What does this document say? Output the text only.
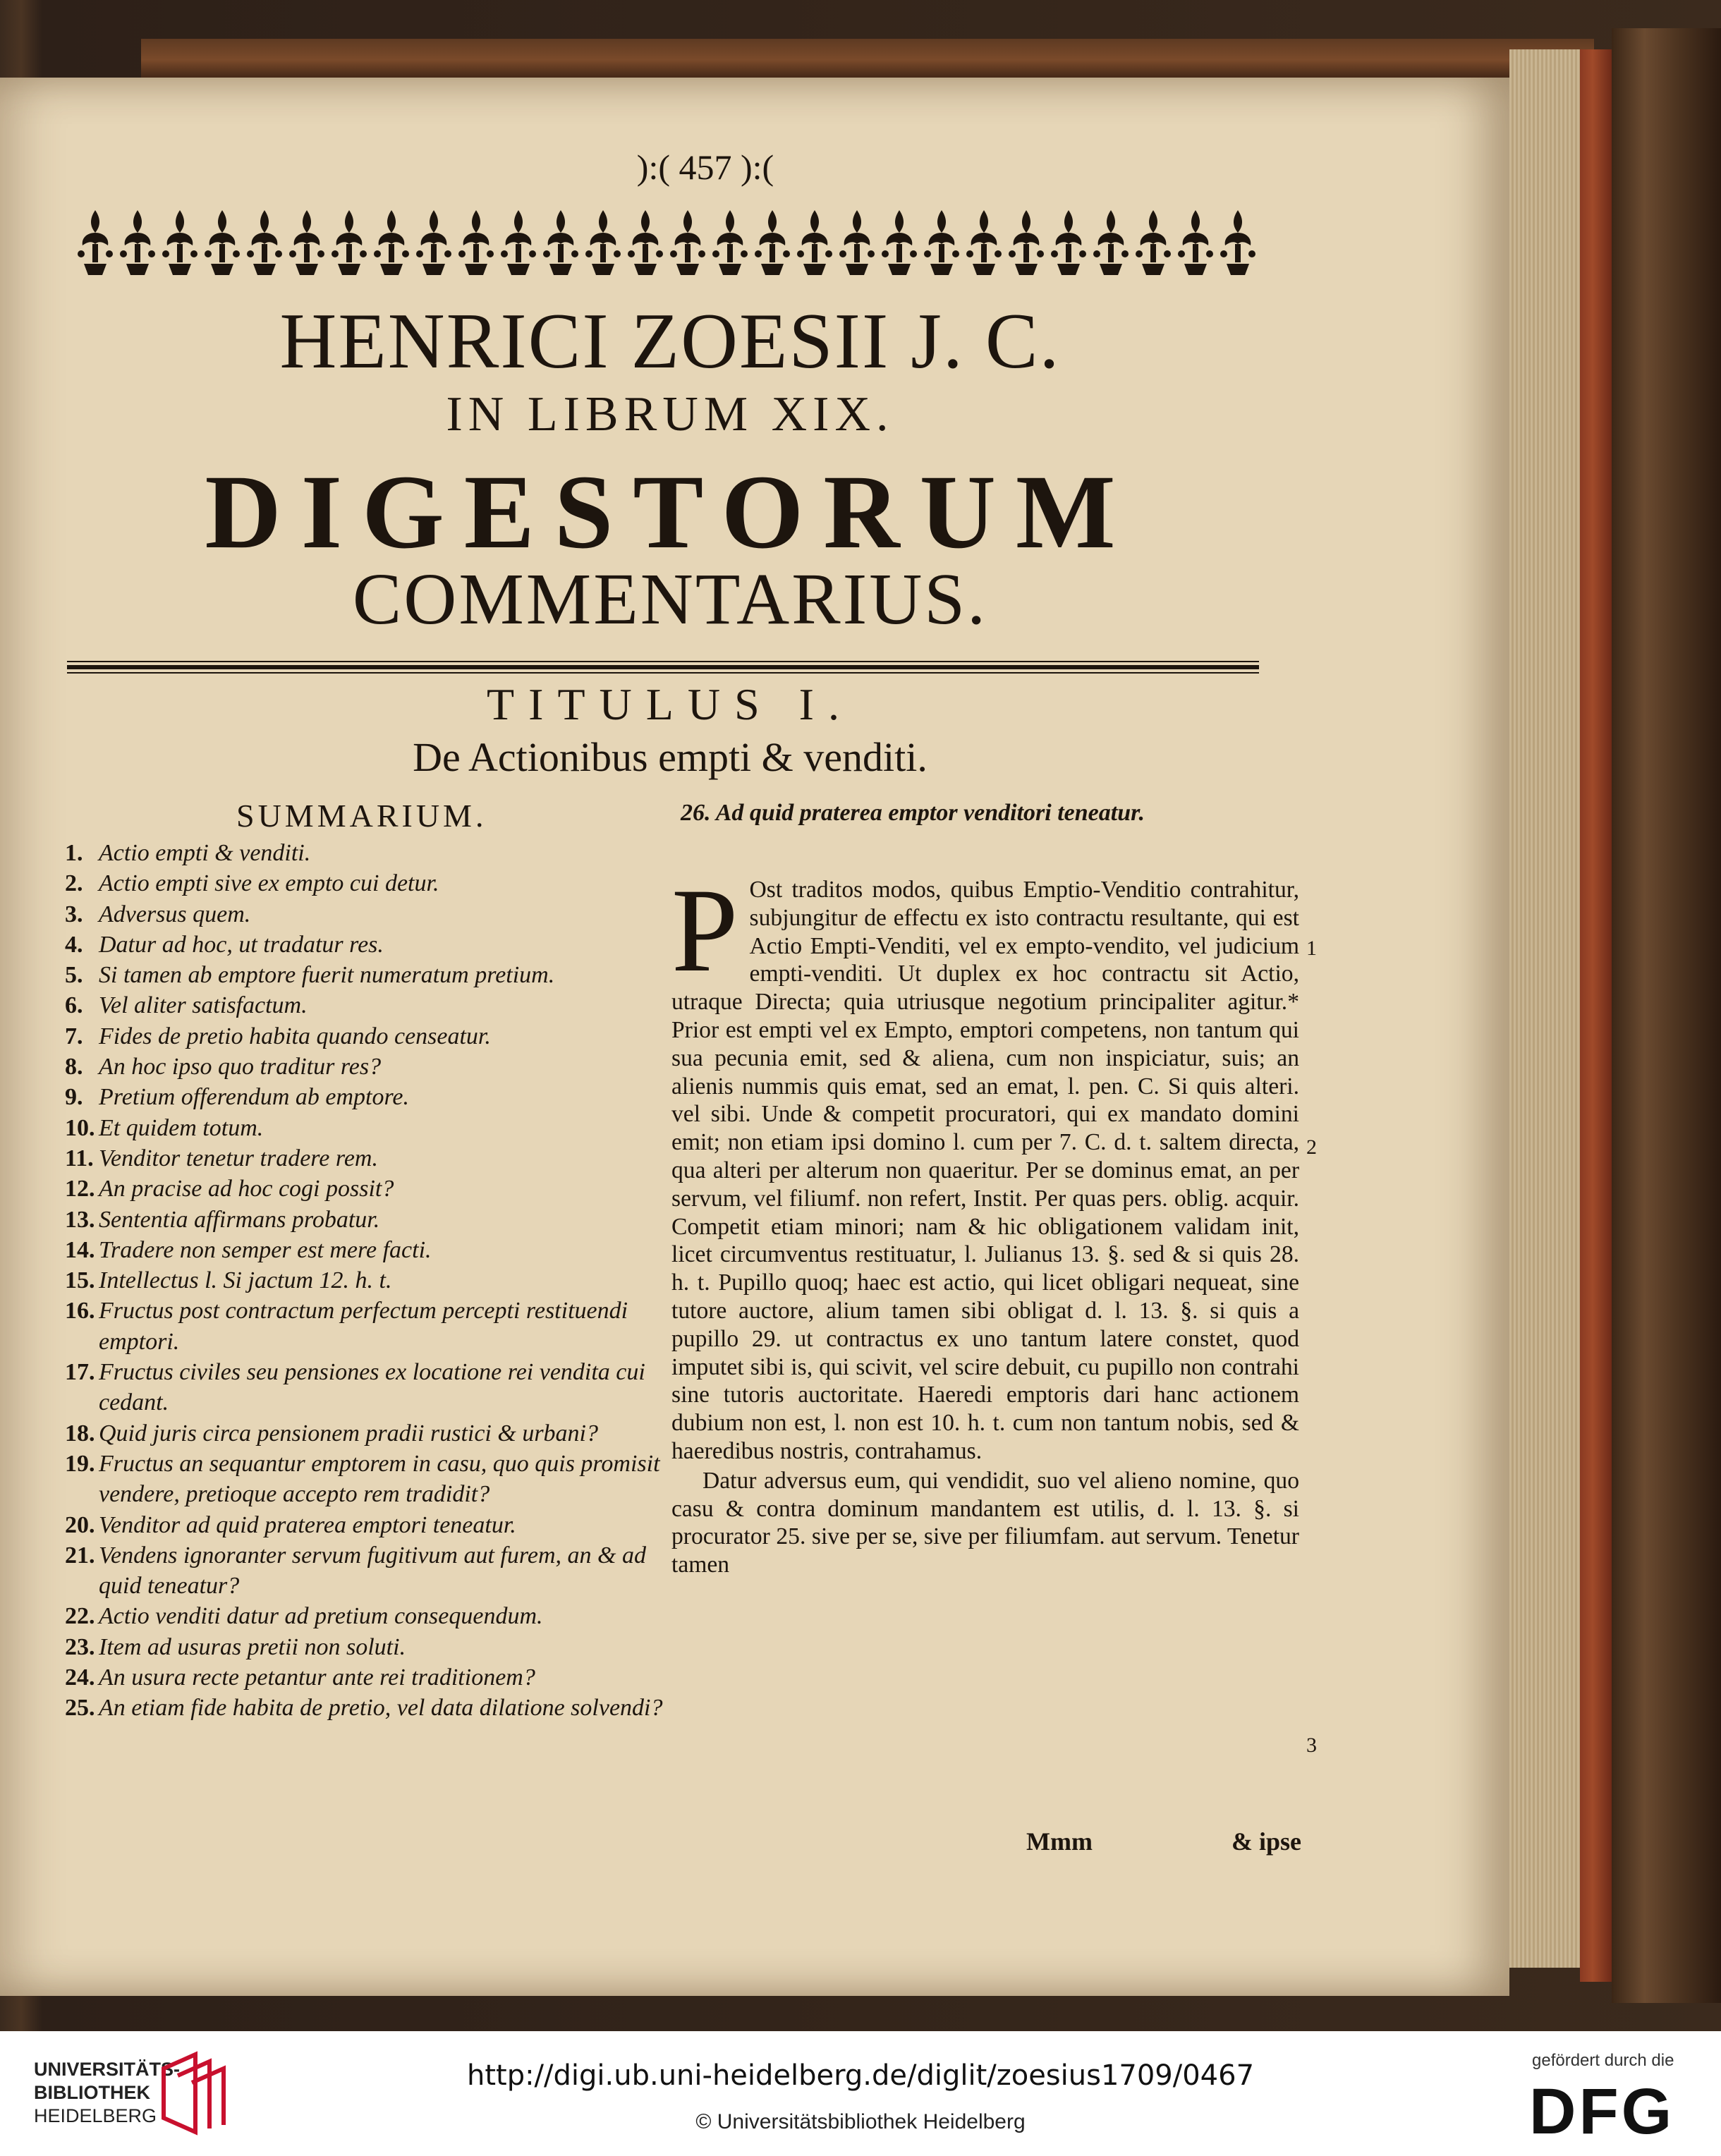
):( 457 ):(
HENRICI ZOESII J. C.
IN LIBRUM XIX.
DIGESTORUM
COMMENTARIUS.
TITULUS I.
De Actionibus empti & venditi.
SUMMARIUM.
1. Actio empti & venditi.
2. Actio empti sive ex empto cui detur.
3. Adversus quem.
4. Datur ad hoc, ut tradatur res.
5. Si tamen ab emptore fuerit numeratum pretium.
6. Vel aliter satisfactum.
7. Fides de pretio habita quando censeatur.
8. An hoc ipso quo traditur res?
9. Pretium offerendum ab emptore.
10. Et quidem totum.
11. Venditor tenetur tradere rem.
12. An pracise ad hoc cogi possit?
13. Sententia affirmans probatur.
14. Tradere non semper est mere facti.
15. Intellectus l. Si jactum 12. h. t.
16. Fructus post contractum perfectum percepti restituendi emptori.
17. Fructus civiles seu pensiones ex locatione rei vendita cui cedant.
18. Quid juris circa pensionem pradii rustici & urbani?
19. Fructus an sequantur emptorem in casu, quo quis promisit vendere, pretioque accepto rem tradidit?
20. Venditor ad quid praterea emptori teneatur.
21. Vendens ignoranter servum fugitivum aut furem, an & ad quid teneatur?
22. Actio venditi datur ad pretium consequendum.
23. Item ad usuras pretii non soluti.
24. An usura recte petantur ante rei traditionem?
25. An etiam fide habita de pretio, vel data dilatione solvendi?
26. Ad quid praterea emptor venditori teneatur.

P Ost traditos modos, quibus Emptio-Venditio contrahitur, subjungitur de effectu ex isto contractu resultante, qui est Actio Empti-Venditi, vel ex empto-vendito, vel judicium empti-venditi. Ut duplex ex hoc contractu sit Actio, utraque Directa; quia utriusque negotium principaliter agitur.* Prior est empti vel ex Empto, emptori competens, non tantum qui sua pecunia emit, sed & aliena, cum non inspiciatur, suis; an alienis nummis quis emat, sed an emat, l. pen. C. Si quis alteri. vel sibi. Unde & competit procuratori, qui ex mandato domini emit; non etiam ipsi domino l. cum per 7. C. d. t. saltem directa, qua alteri per alterum non quaeritur. Per se dominus emat, an per servum, vel filiumf. non refert, Instit. Per quas pers. oblig. acquir. Competit etiam minori; nam & hic obligationem validam init, licet circumventus restituatur, l. Julianus 13. §. sed & si quis 28. h. t. Pupillo quoq; haec est actio, qui licet obligari nequeat, sine tutore auctore, alium tamen sibi obligat d. l. 13. §. si quis a pupillo 29. ut contractus ex uno tantum latere constet, quod imputet sibi is, qui scivit, vel scire debuit, cu pupillo non contrahi sine tutoris auctoritate. Haeredi emptoris dari hanc actionem dubium non est, l. non est 10. h. t. cum non tantum nobis, sed & haeredibus nostris, contrahamus.

Datur adversus eum, qui vendidit, suo vel alieno nomine, quo casu & contra dominum mandantem est utilis, d. l. 13. §. si procurator 25. sive per se, sive per filiumfam. aut servum. Tenetur tamen

1
2
3
Mmm	& ipse
UNIVERSITÄTS-
BIBLIOTHEK
HEIDELBERG
http://digi.ub.uni-heidelberg.de/diglit/zoesius1709/0467
© Universitätsbibliothek Heidelberg
gefördert durch die
DFG
